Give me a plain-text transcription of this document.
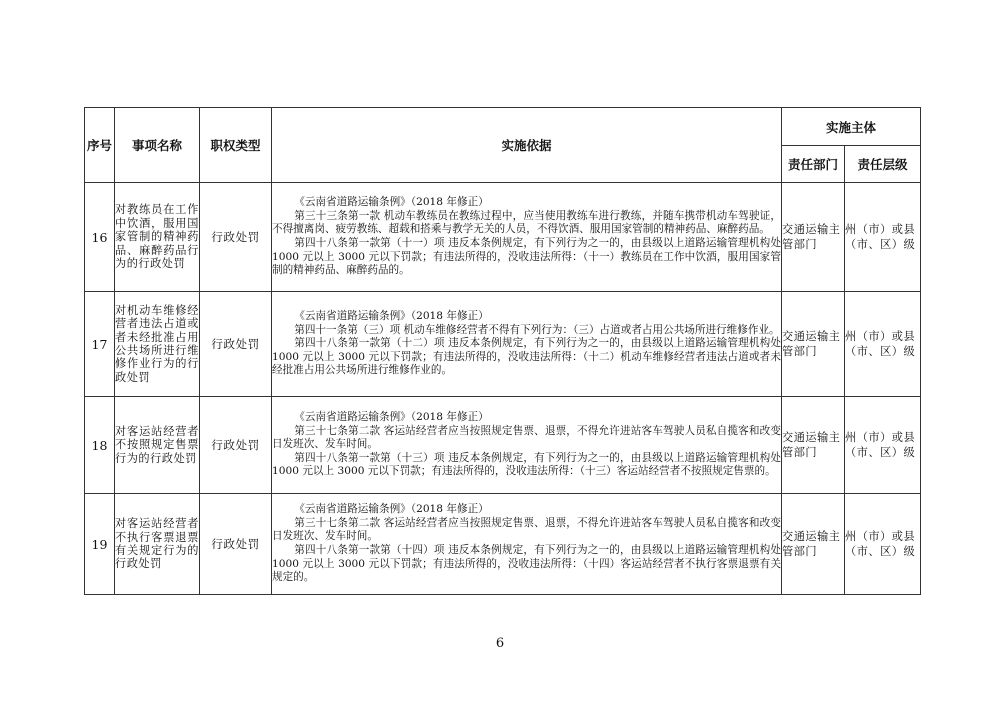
序号	事项名称	职权类型	实施依据	实施主体	
				责任部门	责任层级
16	对教练员在工作中饮酒，服用国家管制的精神药品、麻醉药品行为的行政处罚	行政处罚	《云南省道路运输条例》（2018 年修正）

第三十三条第一款 机动车教练员在教练过程中，应当使用教练车进行教练，并随车携带机动车驾驶证，不得擅离岗、疲劳教练、超载和搭乘与教学无关的人员，不得饮酒、服用国家管制的精神药品、麻醉药品。

第四十八条第一款第（十一）项 违反本条例规定，有下列行为之一的，由县级以上道路运输管理机构处 1000 元以上 3000 元以下罚款；有违法所得的，没收违法所得：（十一）教练员在工作中饮酒，服用国家管制的精神药品、麻醉药品的。	交通运输主管部门	州（市）或县（市、区）级
17	对机动车维修经营者违法占道或者未经批准占用公共场所进行维修作业行为的行政处罚	行政处罚	《云南省道路运输条例》（2018 年修正）

第四十一条第（三）项 机动车维修经营者不得有下列行为：（三）占道或者占用公共场所进行维修作业。

第四十八条第一款第（十二）项 违反本条例规定，有下列行为之一的，由县级以上道路运输管理机构处 1000 元以上 3000 元以下罚款；有违法所得的，没收违法所得：（十二）机动车维修经营者违法占道或者未经批准占用公共场所进行维修作业的。	交通运输主管部门	州（市）或县（市、区）级
18	对客运站经营者不按照规定售票行为的行政处罚	行政处罚	《云南省道路运输条例》（2018 年修正）

第三十七条第二款 客运站经营者应当按照规定售票、退票，不得允许进站客车驾驶人员私自揽客和改变日发班次、发车时间。

第四十八条第一款第（十三）项 违反本条例规定，有下列行为之一的，由县级以上道路运输管理机构处 1000 元以上 3000 元以下罚款；有违法所得的，没收违法所得：（十三）客运站经营者不按照规定售票的。	交通运输主管部门	州（市）或县（市、区）级
19	对客运站经营者不执行客票退票有关规定行为的行政处罚	行政处罚	《云南省道路运输条例》（2018 年修正）

第三十七条第二款 客运站经营者应当按照规定售票、退票，不得允许进站客车驾驶人员私自揽客和改变日发班次、发车时间。

第四十八条第一款第（十四）项 违反本条例规定，有下列行为之一的，由县级以上道路运输管理机构处 1000 元以上 3000 元以下罚款；有违法所得的，没收违法所得：（十四）客运站经营者不执行客票退票有关规定的。	交通运输主管部门	州（市）或县（市、区）级
6
